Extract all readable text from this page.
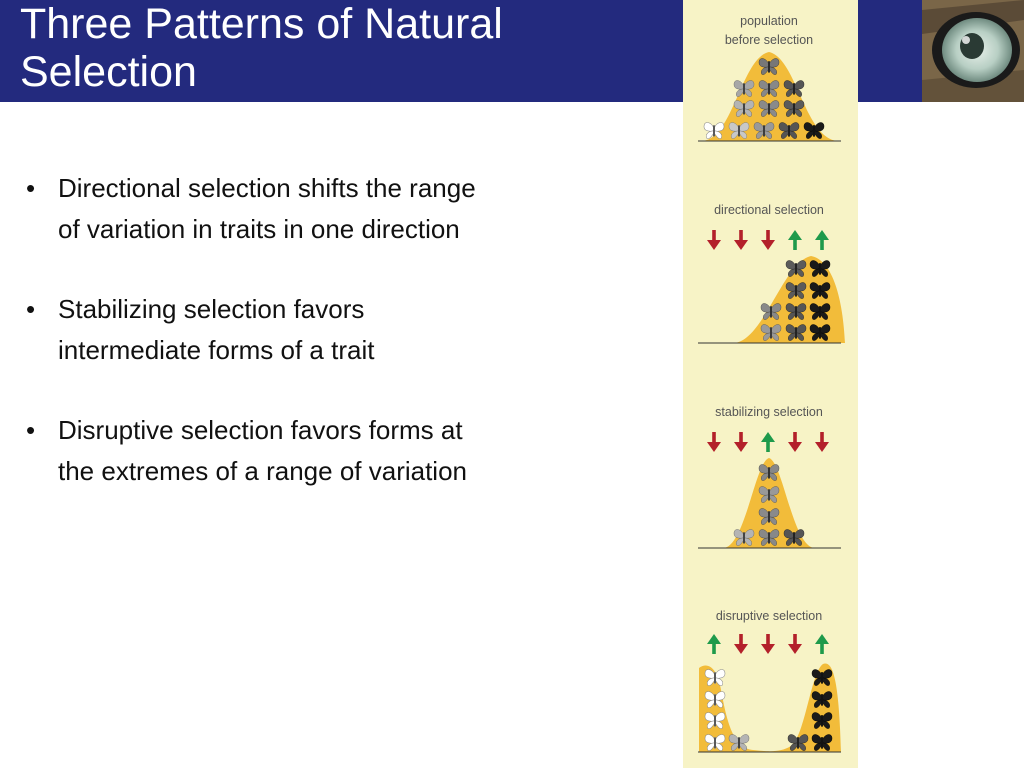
Three Patterns of Natural Selection
• Directional selection shifts the range of variation in traits in one direction
• Stabilizing selection favors intermediate forms of a trait
• Disruptive selection favors forms at the extremes of a range of variation
population
before selection
directional selection
stabilizing selection
disruptive selection
